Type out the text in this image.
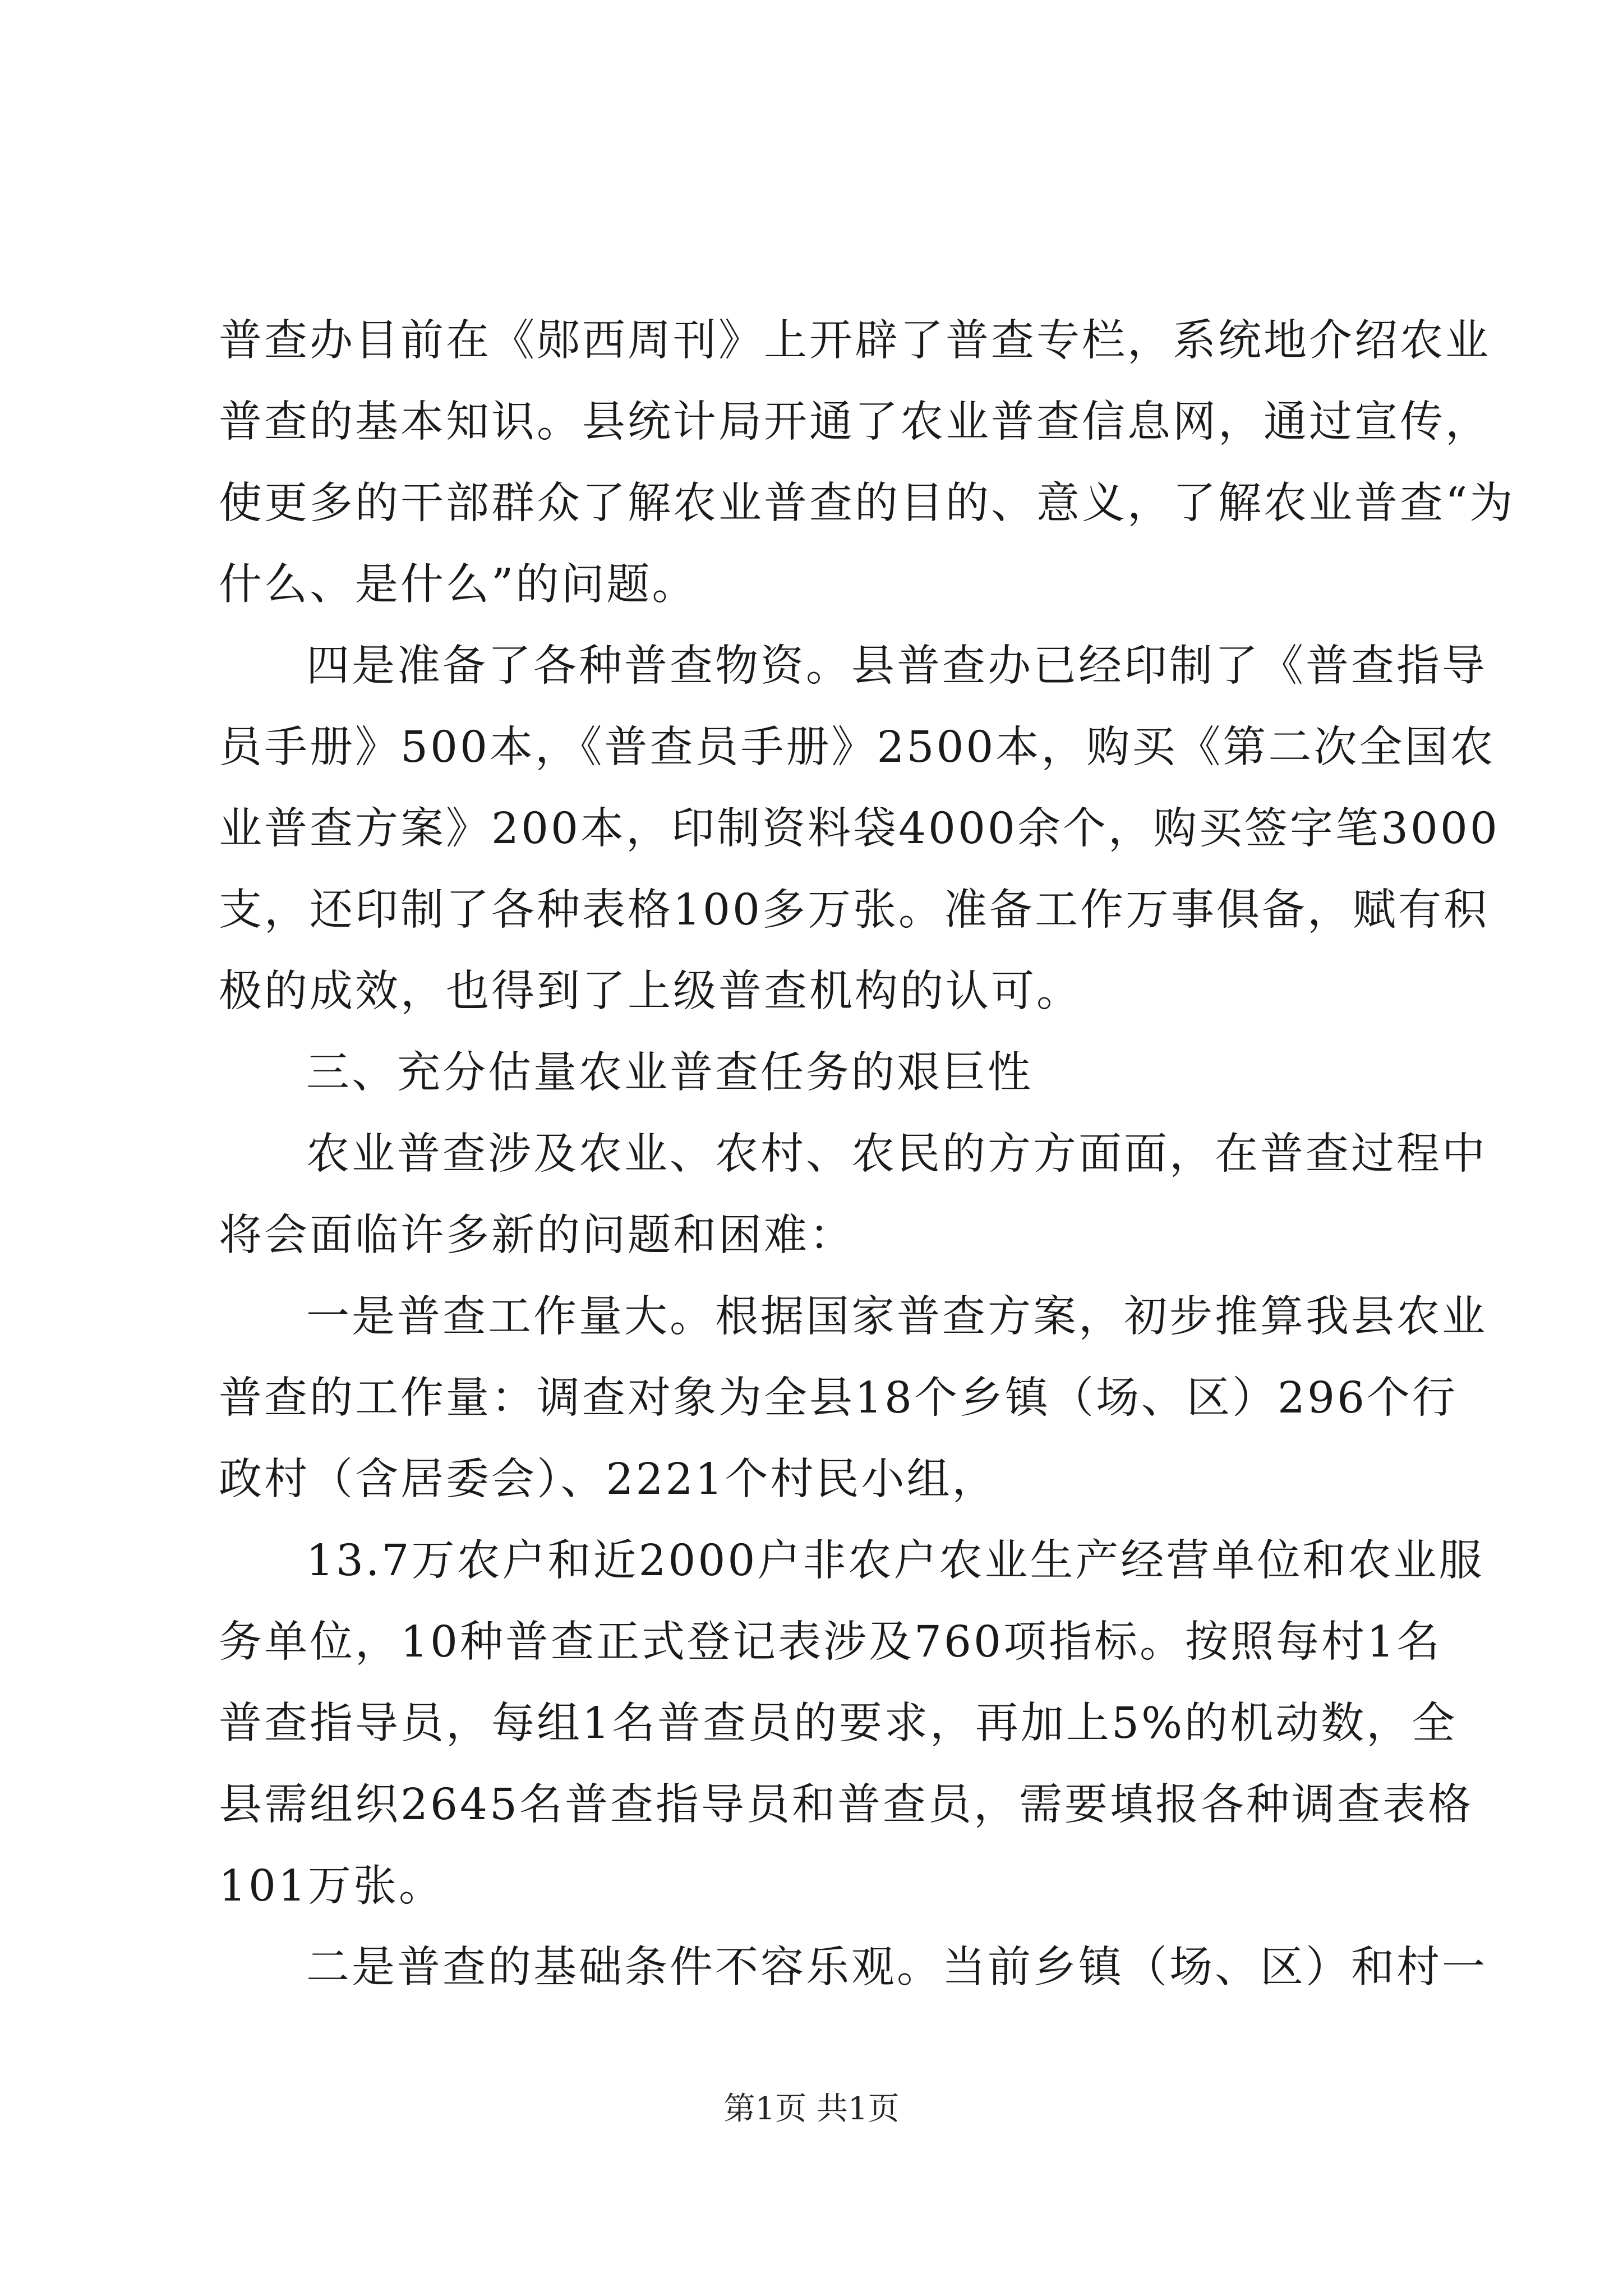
普查办目前在《郧西周刊》上开辟了普查专栏，系统地介绍农业
普查的基本知识。县统计局开通了农业普查信息网，通过宣传，
使更多的干部群众了解农业普查的目的、意义，了解农业普查“为
什么、是什么”的问题。
四是准备了各种普查物资。县普查办已经印制了《普查指导
员手册》500本，《普查员手册》2500本，购买《第二次全国农
业普查方案》200本，印制资料袋4000余个，购买签字笔3000
支，还印制了各种表格100多万张。准备工作万事俱备，赋有积
极的成效，也得到了上级普查机构的认可。
三、充分估量农业普查任务的艰巨性
农业普查涉及农业、农村、农民的方方面面，在普查过程中
将会面临许多新的问题和困难：
一是普查工作量大。根据国家普查方案，初步推算我县农业
普查的工作量：调查对象为全县18个乡镇（场、区）296个行
政村（含居委会）、2221个村民小组，
13.7万农户和近2000户非农户农业生产经营单位和农业服
务单位，10种普查正式登记表涉及760项指标。按照每村1名
普查指导员，每组1名普查员的要求，再加上5%的机动数，全
县需组织2645名普查指导员和普查员，需要填报各种调查表格
101万张。
二是普查的基础条件不容乐观。当前乡镇（场、区）和村一
第1页 共1页
